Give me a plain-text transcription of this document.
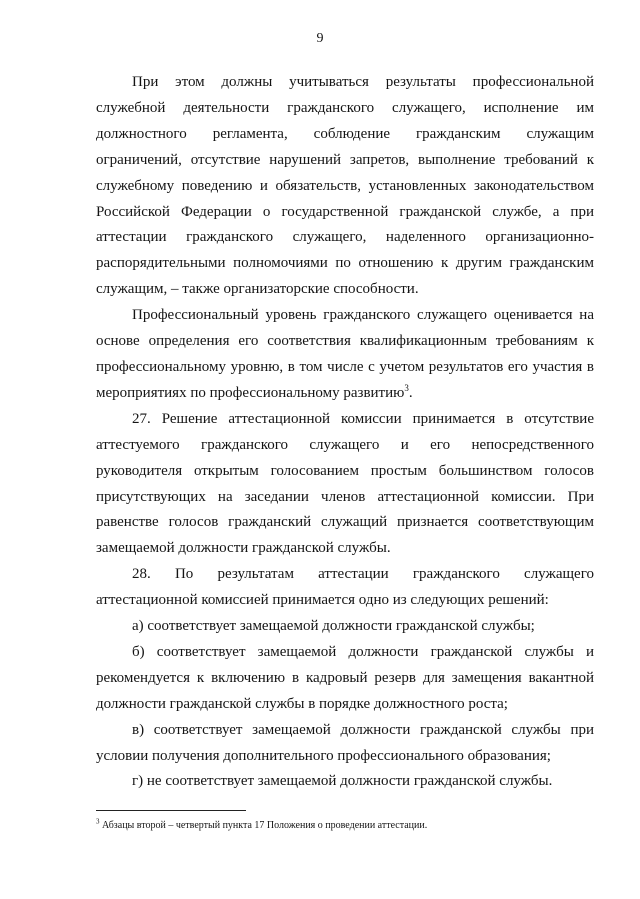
9

При этом должны учитываться результаты профессиональной служебной деятельности гражданского служащего, исполнение им должностного регламента, соблюдение гражданским служащим ограничений, отсутствие нарушений запретов, выполнение требований к служебному поведению и обязательств, установленных законодательством Российской Федерации о государственной гражданской службе, а при аттестации гражданского служащего, наделенного организационно-распорядительными полномочиями по отношению к другим гражданским служащим, – также организаторские способности.

Профессиональный уровень гражданского служащего оценивается на основе определения его соответствия квалификационным требованиям к профессиональному уровню, в том числе с учетом результатов его участия в мероприятиях по профессиональному развитию$^3$.

27. Решение аттестационной комиссии принимается в отсутствие аттестуемого гражданского служащего и его непосредственного руководителя открытым голосованием простым большинством голосов присутствующих на заседании членов аттестационной комиссии. При равенстве голосов гражданский служащий признается соответствующим замещаемой должности гражданской службы.

28. По результатам аттестации гражданского служащего аттестационной комиссией принимается одно из следующих решений:

а) соответствует замещаемой должности гражданской службы;

б) соответствует замещаемой должности гражданской службы и рекомендуется к включению в кадровый резерв для замещения вакантной должности гражданской службы в порядке должностного роста;

в) соответствует замещаемой должности гражданской службы при условии получения дополнительного профессионального образования;

г) не соответствует замещаемой должности гражданской службы.

$^3$ Абзацы второй – четвертый пункта 17 Положения о проведении аттестации.
